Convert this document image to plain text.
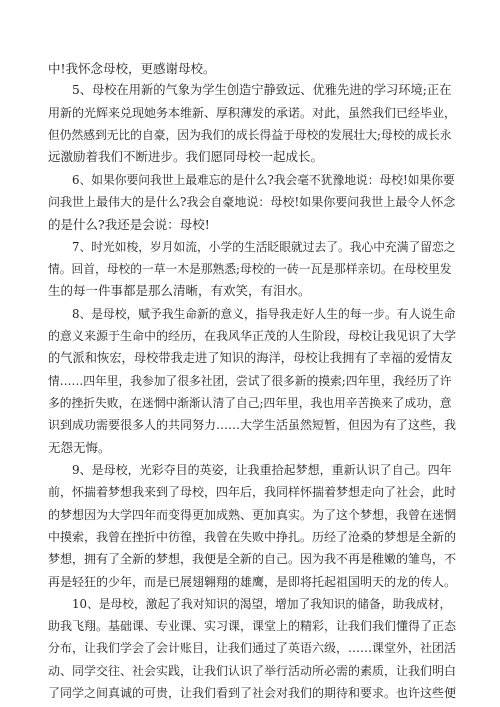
中!我怀念母校，更感谢母校。
5、母校在用新的气象为学生创造宁静致远、优雅先进的学习环境;正在
用新的光辉来兑现她务本维新、厚积薄发的承诺。对此，虽然我们已经毕业，
但仍然感到无比的自豪，因为我们的成长得益于母校的发展壮大;母校的成长永
远激励着我们不断进步。我们愿同母校一起成长。
6、如果你要问我世上最难忘的是什么?我会毫不犹豫地说：母校!如果你要
问我世上最伟大的是什么?我会自豪地说：母校!如果你要问我世上最令人怀念
的是什么?我还是会说：母校!
7、时光如梭，岁月如流，小学的生活眨眼就过去了。我心中充满了留恋之
情。回首，母校的一草一木是那熟悉;母校的一砖一瓦是那样亲切。在母校里发
生的每一件事都是那么清晰，有欢笑，有泪水。
8、是母校，赋予我生命新的意义，指导我走好人生的每一步。有人说生命
的意义来源于生命中的经历，在我风华正茂的人生阶段，母校让我见识了大学
的气派和恢宏，母校带我走进了知识的海洋，母校让我拥有了幸福的爱情友
情……四年里，我参加了很多社团，尝试了很多新的摸索;四年里，我经历了许
多的挫折失败，在迷惘中渐渐认清了自己;四年里，我也用辛苦换来了成功，意
识到成功需要很多人的共同努力……大学生活虽然短暂，但因为有了这些，我
无怨无悔。
9、是母校，光彩夺目的英姿，让我重拾起梦想，重新认识了自己。四年
前，怀揣着梦想我来到了母校，四年后，我同样怀揣着梦想走向了社会，此时
的梦想因为大学四年而变得更加成熟、更加真实。为了这个梦想，我曾在迷惘
中摸索，我曾在挫折中彷徨，我曾在失败中挣扎。历经了沧桑的梦想是全新的
梦想，拥有了全新的梦想，我便是全新的自己。因为我不再是稚嫩的雏鸟，不
再是轻狂的少年，而是已展翅翱翔的雄鹰，是即将托起祖国明天的龙的传人。
10、是母校，激起了我对知识的渴望，增加了我知识的储备，助我成材，
助我飞翔。基础课、专业课、实习课，课堂上的精彩，让我们我们懂得了正态
分布，让我们学会了会计账目，让我们通过了英语六级，……课堂外，社团活
动、同学交往、社会实践，让我们认识了举行活动所必需的素质，让我们明白
了同学之间真诚的可贵，让我们看到了社会对我们的期待和要求。也许这些便
